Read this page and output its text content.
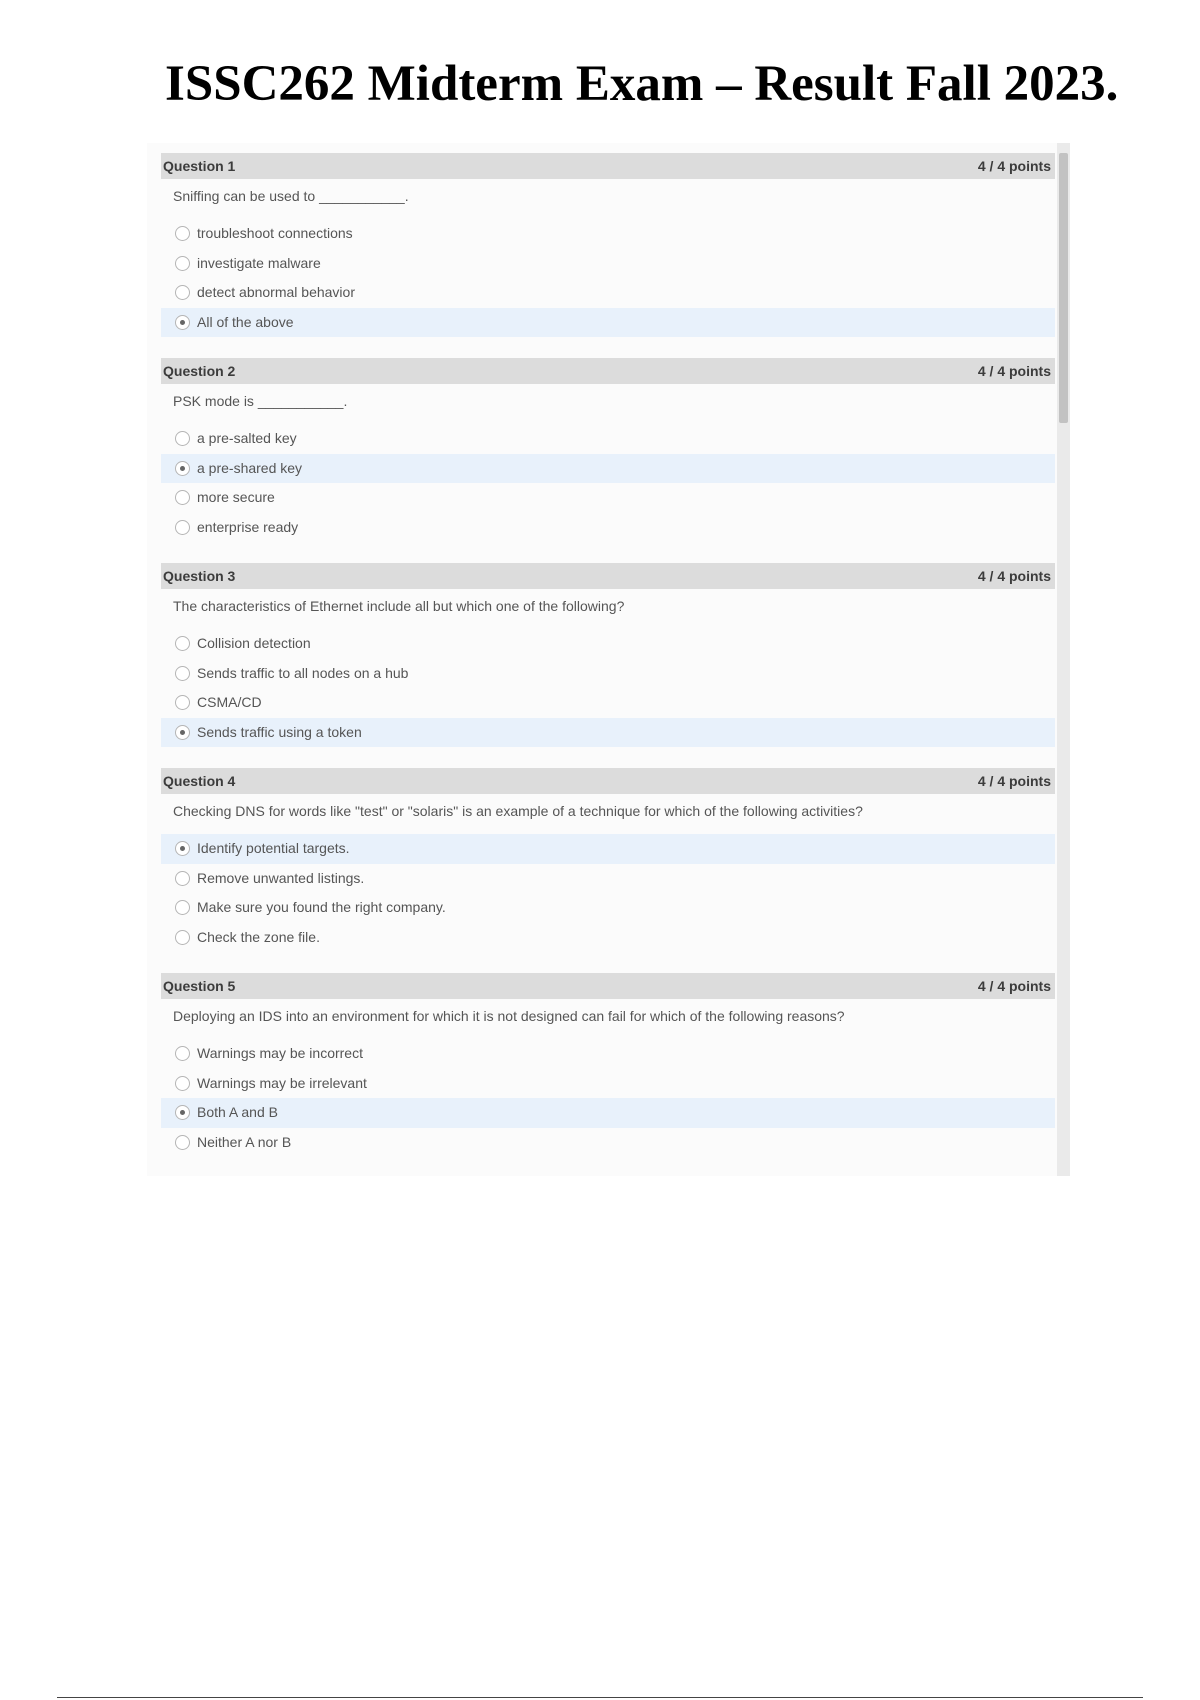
ISSC262 Midterm Exam – Result Fall 2023.
Question 1	4 / 4 points
Sniffing can be used to ___________.
troubleshoot connections
investigate malware
detect abnormal behavior
All of the above
Question 2	4 / 4 points
PSK mode is ___________.
a pre-salted key
a pre-shared key
more secure
enterprise ready
Question 3	4 / 4 points
The characteristics of Ethernet include all but which one of the following?
Collision detection
Sends traffic to all nodes on a hub
CSMA/CD
Sends traffic using a token
Question 4	4 / 4 points
Checking DNS for words like "test" or "solaris" is an example of a technique for which of the following activities?
Identify potential targets.
Remove unwanted listings.
Make sure you found the right company.
Check the zone file.
Question 5	4 / 4 points
Deploying an IDS into an environment for which it is not designed can fail for which of the following reasons?
Warnings may be incorrect
Warnings may be irrelevant
Both A and B
Neither A nor B
